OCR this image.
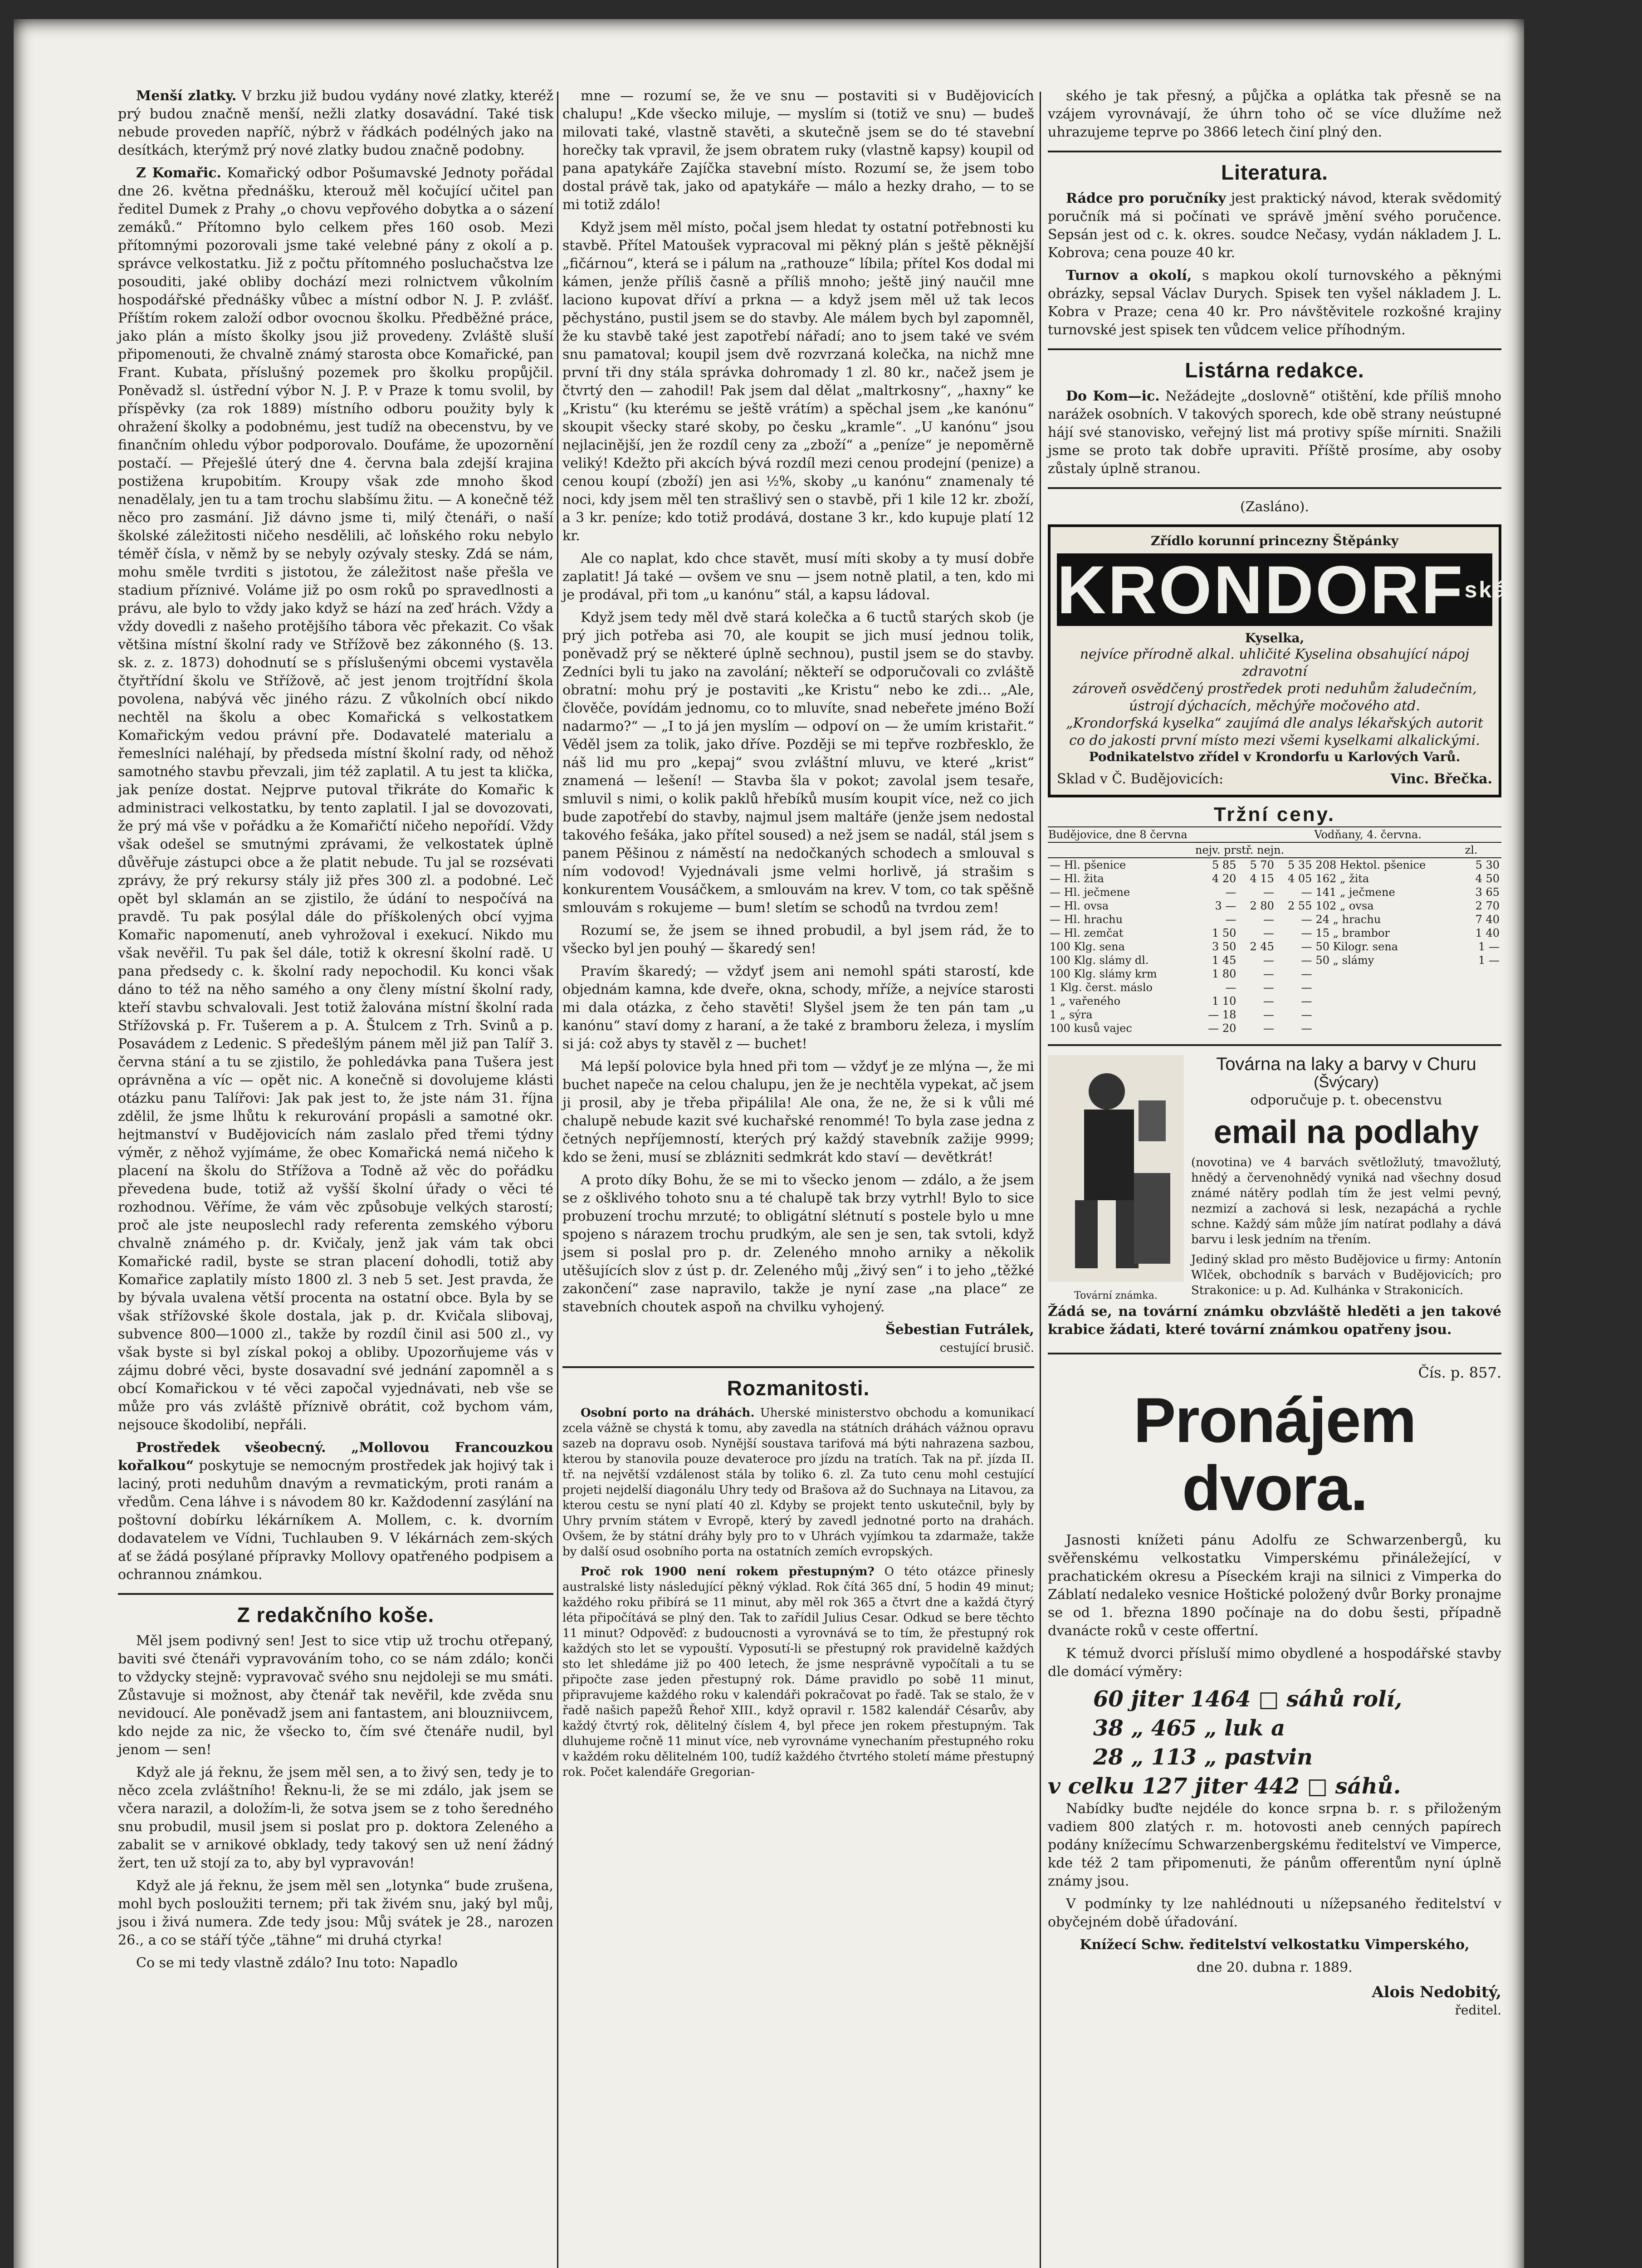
Menší zlatky. V brzku již budou vydány nové zlatky, kteréž prý budou značně menší, nežli zlatky dosavádní. Také tisk nebude proveden napříč, nýbrž v řádkách podélných jako na desítkách, kterýmž prý nové zlatky budou značně podobny.

Z Komařic. Komařický odbor Pošumavské Jednoty pořádal dne 26. května přednášku, kterouž měl kočující učitel pan ředitel Dumek z Prahy „o chovu vepřového dobytka a o sázení zemáků.“ Přítomno bylo celkem přes 160 osob. Mezi přítomnými pozorovali jsme také velebné pány z okolí a p. správce velkostatku. Již z počtu přítomného posluchačstva lze posouditi, jaké obliby dochází mezi rolnictvem vůkolním hospodářské přednášky vůbec a místní odbor N. J. P. zvlášť. Příštím rokem založí odbor ovocnou školku. Předběžné práce, jako plán a místo školky jsou již provedeny. Zvláště sluší připomenouti, že chvalně známý starosta obce Komařické, pan Frant. Kubata, příslušný pozemek pro školku propůjčil. Poněvadž sl. ústřední výbor N. J. P. v Praze k tomu svolil, by příspěvky (za rok 1889) místního odboru použity byly k ohražení školky a podobnému, jest tudíž na obecenstvu, by ve finančním ohledu výbor podporovalo. Doufáme, že upozornění postačí. — Přeješlé úterý dne 4. června bala zdejší krajina postižena krupobitím. Kroupy však zde mnoho škod nenadělaly, jen tu a tam trochu slabšímu žitu. — A konečně též něco pro zasmání. Již dávno jsme ti, milý čtenáři, o naší školské záležitosti ničeho nesdělili, ač loňského roku nebylo téměř čísla, v němž by se nebyly ozývaly stesky. Zdá se nám, mohu směle tvrditi s jistotou, že záležitost naše přešla ve stadium příznivé. Voláme již po osm roků po spravedlnosti a právu, ale bylo to vždy jako když se hází na zeď hrách. Vždy a vždy dovedli z našeho protějšího tábora věc překazit. Co však většina místní školní rady ve Střížově bez zákonného (§. 13. sk. z. z. 1873) dohodnutí se s příslušenými obcemi vystavěla čtyřtřídní školu ve Střížově, ač jest jenom trojtřídní škola povolena, nabývá věc jiného rázu. Z vůkolních obcí nikdo nechtěl na školu a obec Komařická s velkostatkem Komařickým vedou právní pře. Dodavatelé materialu a řemeslníci naléhají, by předseda místní školní rady, od něhož samotného stavbu převzali, jim též zaplatil. A tu jest ta klička, jak peníze dostat. Nejprve putoval třikráte do Komařic k administraci velkostatku, by tento zaplatil. I jal se dovozovati, že prý má vše v pořádku a že Komařičtí ničeho nepořídí. Vždy však odešel se smutnými zprávami, že velkostatek úplně důvěřuje zástupci obce a že platit nebude. Tu jal se rozsévati zprávy, že prý rekursy stály již přes 300 zl. a podobné. Leč opět byl sklamán an se zjistilo, že údání to nespočívá na pravdě. Tu pak posýlal dále do příškolených obcí vyjma Komařic napomenutí, aneb vyhrožoval i exekucí. Nikdo mu však nevěřil. Tu pak šel dále, totiž k okresní školní radě. U pana předsedy c. k. školní rady nepochodil. Ku konci však dáno to též na něho samého a ony členy místní školní rady, kteří stavbu schvalovali. Jest totiž žalována místní školní rada Střížovská p. Fr. Tušerem a p. A. Štulcem z Trh. Svinů a p. Posavádem z Ledenic. S předešlým pánem měl již pan Talíř 3. června stání a tu se zjistilo, že pohledávka pana Tušera jest oprávněna a víc — opět nic. A konečně si dovolujeme klásti otázku panu Talířovi: Jak pak jest to, že jste nám 31. října zdělil, že jsme lhůtu k rekurování propásli a samotné okr. hejtmanství v Budějovicích nám zaslalo před třemi týdny výměr, z něhož vyjímáme, že obec Komařická nemá ničeho k placení na školu do Střížova a Todně až věc do pořádku převedena bude, totiž až vyšší školní úřady o věci té rozhodnou. Věříme, že vám věc způsobuje velkých starostí; proč ale jste neuposlechl rady referenta zemského výboru chvalně známého p. dr. Kvičaly, jenž jak vám tak obci Komařické radil, byste se stran placení dohodli, totiž aby Komařice zaplatily místo 1800 zl. 3 neb 5 set. Jest pravda, že by bývala uvalena větší procenta na ostatní obce. Byla by se však střížovské škole dostala, jak p. dr. Kvičala slibovaj, subvence 800—1000 zl., takže by rozdíl činil asi 500 zl., vy však byste si byl získal pokoj a obliby. Upozorňujeme vás v zájmu dobré věci, byste dosavadní své jednání zapomněl a s obcí Komařickou v té věci započal vyjednávati, neb vše se může pro vás zvláště příznivě obrátit, což bychom vám, nejsouce škodolibí, nepřáli.

Prostředek všeobecný. „Mollovou Francouzkou kořalkou“ poskytuje se nemocným prostředek jak hojivý tak i laciný, proti neduhům dnavým a revmatickým, proti ranám a vředům. Cena láhve i s návodem 80 kr. Každodenní zasýlání na poštovní dobírku lékárníkem A. Mollem, c. k. dvorním dodavatelem ve Vídni, Tuchlauben 9. V lékárnách zem-ských ať se žádá posýlané přípravky Mollovy opatřeného podpisem a ochrannou známkou.

Z redakčního koše.

Měl jsem podivný sen! Jest to sice vtip už trochu otřepaný, baviti své čtenáři vypravováním toho, co se nám zdálo; konči to vždycky stejně: vypravovač svého snu nejdoleji se mu smáti. Zůstavuje si možnost, aby čtenář tak nevěřil, kde zvěda snu nevidoucí. Ale poněvadž jsem ani fantastem, ani blouzniivcem, kdo nejde za nic, že všecko to, čím své čtenáře nudil, byl jenom — sen!

Když ale já řeknu, že jsem měl sen, a to živý sen, tedy je to něco zcela zvláštního! Řeknu-li, že se mi zdálo, jak jsem se včera narazil, a doložím-li, že sotva jsem se z toho šeredného snu probudil, musil jsem si poslat pro p. doktora Zeleného a zabalit se v arnikové obklady, tedy takový sen už není žádný žert, ten už stojí za to, aby byl vypravován!

Když ale já řeknu, že jsem měl sen „lotynka“ bude zrušena, mohl bych posloužiti ternem; při tak živém snu, jaký byl můj, jsou i živá numera. Zde tedy jsou: Můj svátek je 28., narozen 26., a co se stáří týče „tähne“ mi druhá ctyrka!

Co se mi tedy vlastně zdálo? Inu toto: Napadlo

mne — rozumí se, že ve snu — postaviti si v Budějovicích chalupu! „Kde všecko miluje, — myslím si (totiž ve snu) — budeš milovati také, vlastně stavěti, a skutečně jsem se do té stavební horečky tak vpravil, že jsem obratem ruky (vlastně kapsy) koupil od pana apatykáře Zajíčka stavební místo. Rozumí se, že jsem tobo dostal právě tak, jako od apatykáře — málo a hezky draho, — to se mi totiž zdálo!

Když jsem měl místo, počal jsem hledat ty ostatní potřebnosti ku stavbě. Přítel Matoušek vypracoval mi pěkný plán s ještě pěknější „fičárnou“, která se i pálum na „rathouze“ líbila; přítel Kos dodal mi kámen, jenže příliš časně a příliš mnoho; ještě jiný naučil mne laciono kupovat dříví a prkna — a když jsem měl už tak lecos pěchystáno, pustil jsem se do stavby. Ale málem bych byl zapomněl, že ku stavbě také jest zapotřebí nářadí; ano to jsem také ve svém snu pamatoval; koupil jsem dvě rozvrzaná kolečka, na nichž mne první tři dny stála správka dohromady 1 zl. 80 kr., načež jsem je čtvrtý den — zahodil! Pak jsem dal dělat „maltrkosny“, „haxny“ ke „Kristu“ (ku kterému se ještě vrátím) a spěchal jsem „ke kanónu“ skoupit všecky staré skoby, po česku „kramle“. „U kanónu“ jsou nejlacinější, jen že rozdíl ceny za „zboží“ a „peníze“ je nepoměrně veliký! Kdežto při akcích bývá rozdíl mezi cenou prodejní (penize) a cenou koupí (zboží) jen asi ½%, skoby „u kanónu“ znamenaly té noci, kdy jsem měl ten strašlivý sen o stavbě, při 1 kile 12 kr. zboží, a 3 kr. peníze; kdo totiž prodává, dostane 3 kr., kdo kupuje platí 12 kr.

Ale co naplat, kdo chce stavět, musí míti skoby a ty musí dobře zaplatit! Já také — ovšem ve snu — jsem notně platil, a ten, kdo mi je prodával, při tom „u kanónu“ stál, a kapsu ládoval.

Když jsem tedy měl dvě stará kolečka a 6 tuctů starých skob (je prý jich potřeba asi 70, ale koupit se jich musí jednou tolik, poněvadž prý se některé úplně sechnou), pustil jsem se do stavby. Zedníci byli tu jako na zavolání; někteří se odporučovali co zvláště obratní: mohu prý je postaviti „ke Kristu“ nebo ke zdi... „Ale, člověče, povídám jednomu, co to mluvíte, snad nebeřete jméno Boží nadarmo?“ — „I to já jen myslím — odpoví on — že umím kristařit.“ Věděl jsem za tolik, jako dříve. Později se mi tepřve rozbřesklo, že náš lid mu pro „kepaj“ svou zvláštní mluvu, ve které „krist“ znamená — lešení! — Stavba šla v pokot; zavolal jsem tesaře, smluvil s nimi, o kolik paklů hřebíků musím koupit více, než co jich bude zapotřebí do stavby, najmul jsem maltáře (jenže jsem nedostal takového fešáka, jako přítel soused) a než jsem se nadál, stál jsem s panem Pěšinou z náměstí na nedočkaných schodech a smlouval s ním vodovod! Vyjednávali jsme velmi horlivě, já strašim s konkurentem Vousáčkem, a smlouvám na krev. V tom, co tak spěšně smlouvám s rokujeme — bum! sletím se schodů na tvrdou zem!

Rozumí se, že jsem se ihned probudil, a byl jsem rád, že to všecko byl jen pouhý — škaredý sen!

Pravím škaredý; — vždyť jsem ani nemohl spáti starostí, kde objednám kamna, kde dveře, okna, schody, mříže, a nejvíce starosti mi dala otázka, z čeho stavěti! Slyšel jsem že ten pán tam „u kanónu“ staví domy z haraní, a že také z bramboru železa, i myslím si já: což abys ty stavěl z — buchet!

Má lepší polovice byla hned při tom — vždyť je ze mlýna —, že mi buchet napeče na celou chalupu, jen že je nechtěla vypekat, ač jsem ji prosil, aby je třeba připálila! Ale ona, že ne, že si k vůli mé chalupě nebude kazit své kuchařské renommé! To byla zase jedna z četných nepříjemností, kterých prý každý stavebník zažije 9999; kdo se ženi, musí se zblázniti sedmkrát kdo staví — devětkrát!

A proto díky Bohu, že se mi to všecko jenom — zdálo, a že jsem se z ošklivého tohoto snu a té chalupě tak brzy vytrhl! Bylo to sice probuzení trochu mrzuté; to obligátní slétnutí s postele bylo u mne spojeno s nárazem trochu prudkým, ale sen je sen, tak svtoli, když jsem si poslal pro p. dr. Zeleného mnoho arniky a několik utěšujících slov z úst p. dr. Zeleného můj „živý sen“ i to jeho „těžké zakončení“ zase napravilo, takže je nyní zase „na place“ ze stavebních choutek aspoň na chvilku vyhojený.

Šebestian Futrálek,

cestující brusič.

Rozmanitosti.

Osobní porto na dráhách. Uherské ministerstvo obchodu a komunikací zcela vážně se chystá k tomu, aby zavedla na státních dráhách vážnou opravu sazeb na dopravu osob. Nynější soustava tarifová má býti nahrazena sazbou, kterou by stanovila pouze devateroce pro jízdu na tratích. Tak na př. jízda II. tř. na největší vzdálenost stála by toliko 6. zl. Za tuto cenu mohl cestující projeti nejdelší diagonálu Uhry tedy od Brašova až do Suchnaya na Litavou, za kterou cestu se nyní platí 40 zl. Kdyby se projekt tento uskutečnil, byly by Uhry prvním státem v Evropě, který by zavedl jednotné porto na drahách. Ovšem, že by státní dráhy byly pro to v Uhrách vyjímkou ta zdarmaže, takže by další osud osobního porta na ostatních zemích evropských.

Proč rok 1900 není rokem přestupným? O této otázce přinesly australské listy následující pěkný výklad. Rok čítá 365 dní, 5 hodin 49 minut; každého roku přibírá se 11 minut, aby měl rok 365 a čtvrt dne a každá čtyrý léta připočítává se plný den. Tak to zařídil Julius Cesar. Odkud se bere těchto 11 minut? Odpověď: z budoucnosti a vyrovnává se to tím, že přestupný rok každých sto let se vypouští. Vyposutí-li se přestupný rok pravidelně každých sto let shledáme již po 400 letech, že jsme nesprávně vypočítali a tu se připočte zase jeden přestupný rok. Dáme pravidlo po sobě 11 minut, připravujeme každého roku v kalendáři pokračovat po řadě. Tak se stalo, že v řadě našich papežů Řehoř XIII., když opravil r. 1582 kalendář Césarův, aby každý čtvrtý rok, dělitelný číslem 4, byl přece jen rokem přestupným. Tak dluhujeme ročně 11 minut více, neb vyrovnáme vynechaním přestupného roku v každém roku dělitelném 100, tudíž každého čtvrtého století máme přestupný rok. Počet kalendáře Gregorian-

ského je tak přesný, a půjčka a oplátka tak přesně se na vzájem vyrovnávají, že úhrn toho oč se více dlužíme než uhrazujeme teprve po 3866 letech činí plný den.

Literatura.

Rádce pro poručníky jest praktický návod, kterak svědomitý poručník má si počínati ve správě jmění svého poručence. Sepsán jest od c. k. okres. soudce Nečasy, vydán nákladem J. L. Kobrova; cena pouze 40 kr.

Turnov a okolí, s mapkou okolí turnovského a pěknými obrázky, sepsal Václav Durych. Spisek ten vyšel nákladem J. L. Kobra v Praze; cena 40 kr. Pro návštěvitele rozkošné krajiny turnovské jest spisek ten vůdcem velice příhodným.

Listárna redakce.

Do Kom—ic. Nežádejte „doslovně“ otištění, kde příliš mnoho narážek osobních. V takových sporech, kde obě strany neústupné hájí své stanovisko, veřejný list má protivy spíše mírniti. Snažili jsme se proto tak dobře upraviti. Příště prosíme, aby osoby zůstaly úplně stranou.

(Zasláno).

Zřídlo korunní princezny Štěpánky
$KRONDORF^{ská}$
Kyselka,
nejvíce přírodně alkal. uhličité Kyselina obsahující nápoj zdravotní
zároveň osvědčený prostředek proti neduhům žaludečním, ústrojí dýchacích, měchýře močového atd.
„Krondorfská kyselka“ zaujímá dle analys lékařských autorit co do jakosti první místo mezi všemi kyselkami alkalickými.
Podnikatelstvo zřídel v Krondorfu u Karlových Varů.
Sklad v Č. Budějovicích:	Vinc. Břečka.
Tržní ceny.
Budějovice, dne 8 června				Vodňany, 4. června.	
	nejv. prstř. nejn.				zl.
— Hl. pšenice	5 85	5 70	5 35	208 Hektol. pšenice	5 30
— Hl. žita	4 20	4 15	4 05	162 „ žita	4 50
— Hl. ječmene	—	—	—	141 „ ječmene	3 65
— Hl. ovsa	3 —	2 80	2 55	102 „ ovsa	2 70
— Hl. hrachu	—	—	—	24 „ hrachu	7 40
— Hl. zemčat	1 50	—	—	15 „ brambor	1 40
100 Klg. sena	3 50	2 45	—	50 Kilogr. sena	1 —
100 Klg. slámy dl.	1 45	—	—	50 „ slámy	1 —
100 Klg. slámy krm	1 80	—	—		
1 Klg. čerst. máslo	—	—	—		
1 „ vařeného	1 10	—	—		
1 „ sýra	— 18	—	—		
100 kusů vajec	— 20	—	—		
Tovární známka.
Továrna na laky a barvy v Churu
(Švýcary)
odporučuje p. t. obecenstvu
email na podlahy

(novotina) ve 4 barvách světložlutý, tmavožlutý, hnědý a červenohnědý vyniká nad všechny dosud známé nátěry podlah tím že jest velmi pevný, nezmizí a zachová si lesk, nezapáchá a rychle schne. Každý sám může jím natírat podlahy a dává barvu i lesk jedním na třením.

Jediný sklad pro město Budějovice u firmy: Antonín Wlček, obchodník s barvách v Budějovicích; pro Strakonice: u p. Ad. Kulhánka v Strakonicích.

Žádá se, na tovární známku obzvláště hleděti a jen takové krabice žádati, které tovární známkou opatřeny jsou.

Čís. p. 857.
Pronájem dvora.

Jasnosti knížeti pánu Adolfu ze Schwarzenbergů, ku svěřenskému velkostatku Vimperskému přináležející, v prachatickém okresu a Píseckém kraji na silnici z Vimperka do Záblatí nedaleko vesnice Hoštické položený dvůr Borky pronajme se od 1. března 1890 počínaje na do dobu šesti, případně dvanácte roků v ceste offertní.

K témuž dvorci přísluší mimo obydlené a hospodářské stavby dle domácí výměry:

60 jiter 1464 □ sáhů rolí,
38 „ 465 „ luk a
28 „ 113 „ pastvin
v celku 127 jiter 442 □ sáhů.

Nabídky buďte nejdéle do konce srpna b. r. s přiloženým vadiem 800 zlatých r. m. hotovosti aneb cenných papírech podány knížecímu Schwarzenbergskému ředitelství ve Vimperce, kde též 2 tam připomenuti, že pánům offerentům nyní úplně známy jsou.

V podmínky ty lze nahlédnouti u nížepsaného ředitelství v obyčejném době úřadování.

Knížecí Schw. ředitelství velkostatku Vimperského,

dne 20. dubna r. 1889.

Alois Nedobitý,
ředitel.
